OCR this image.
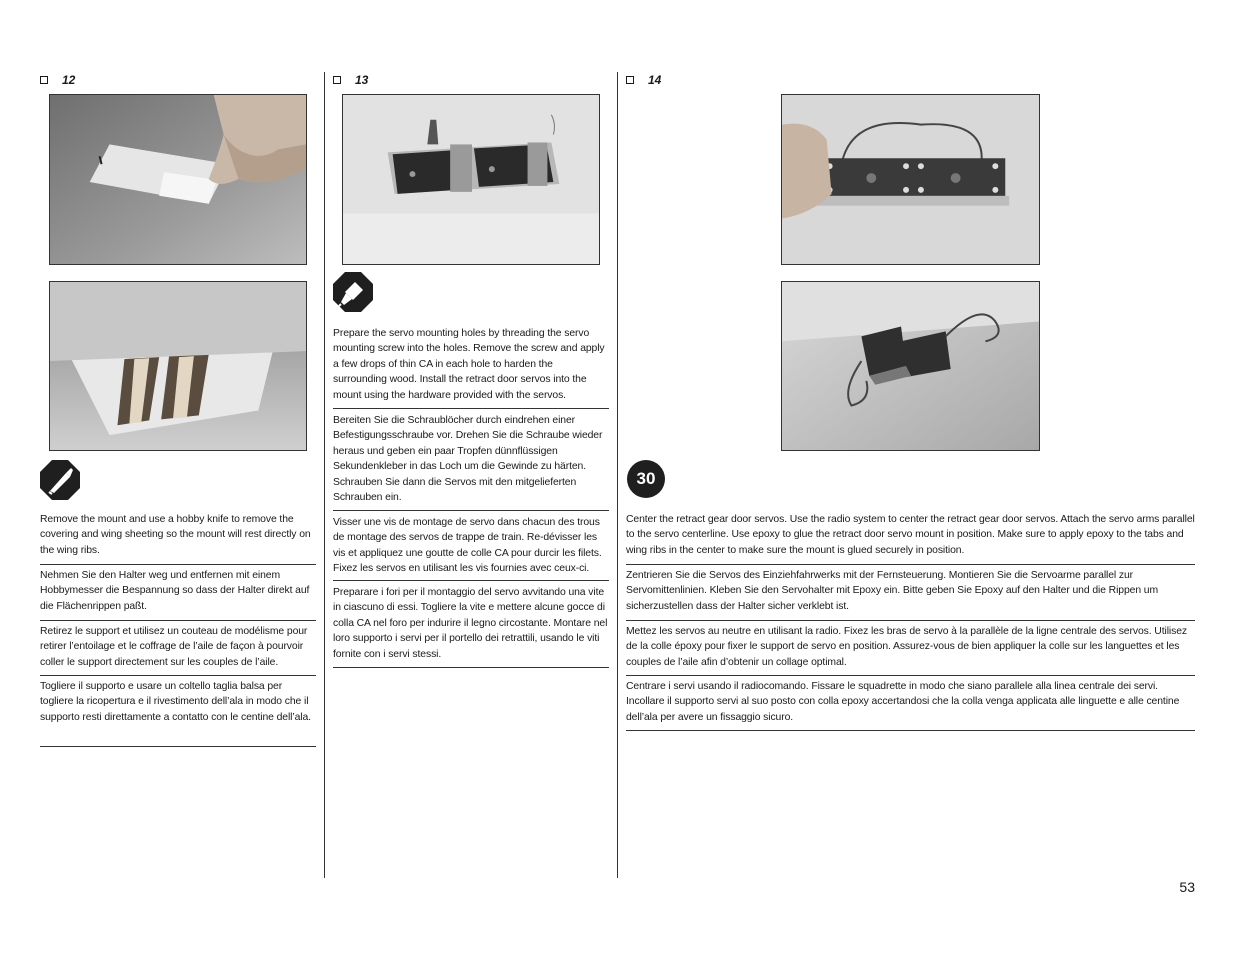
12

Remove the mount and use a hobby knife to remove the covering and wing sheeting so the mount will rest directly on the wing ribs.

Nehmen Sie den Halter weg und entfernen mit einem Hobbymesser die Bespannung so dass der Halter direkt auf die Flächenrippen paßt.

Retirez le support et utilisez un couteau de modélisme pour retirer l’entoilage et le coffrage de l’aile de façon à pourvoir coller le support directement sur les couples de l’aile.

Togliere il supporto e usare un coltello taglia balsa per togliere la ricopertura e il rivestimento dell’ala in modo che il supporto resti direttamente a contatto con le centine dell’ala.

13

Prepare the servo mounting holes by threading the servo mounting screw into the holes. Remove the screw and apply a few drops of thin CA in each hole to harden the surrounding wood. Install the retract door servos into the mount using the hardware provided with the servos.

Bereiten Sie die Schraublöcher durch eindrehen einer Befestigungsschraube vor. Drehen Sie die Schraube wieder heraus und geben ein paar Tropfen dünnflüssigen Sekundenkleber in das Loch um die Gewinde zu härten. Schrauben Sie dann die Servos mit den mitgelieferten Schrauben ein.

Visser une vis de montage de servo dans chacun des trous de montage des servos de trappe de train. Re-dévisser les vis et appliquez une goutte de colle CA pour durcir les filets. Fixez les servos en utilisant les vis fournies avec ceux-ci.

Preparare i fori per il montaggio del servo avvitando una vite in ciascuno di essi. Togliere la vite e mettere alcune gocce di colla CA nel foro per indurire il legno circostante. Montare nel loro supporto i servi per il portello dei retrattili, usando le viti fornite con i servi stessi.

14
30

Center the retract gear door servos. Use the radio system to center the retract gear door servos. Attach the servo arms parallel to the servo centerline. Use epoxy to glue the retract door servo mount in position. Make sure to apply epoxy to the tabs and wing ribs in the center to make sure the mount is glued securely in position.

Zentrieren Sie die Servos des Einziehfahrwerks mit der Fernsteuerung. Montieren Sie die Servoarme parallel zur Servomittenlinien. Kleben Sie den Servohalter mit Epoxy ein. Bitte geben Sie Epoxy auf den Halter und die Rippen um sicherzustellen dass der Halter sicher verklebt ist.

Mettez les servos au neutre en utilisant la radio. Fixez les bras de servo à la parallèle de la ligne centrale des servos. Utilisez de la colle époxy pour fixer le support de servo en position. Assurez-vous de bien appliquer la colle sur les languettes et les couples de l’aile afin d’obtenir un collage optimal.

Centrare i servi usando il radiocomando. Fissare le squadrette in modo che siano parallele alla linea centrale dei servi. Incollare il supporto servi al suo posto con colla epoxy accertandosi che la colla venga applicata alle linguette e alle centine dell’ala per avere un fissaggio sicuro.

53
